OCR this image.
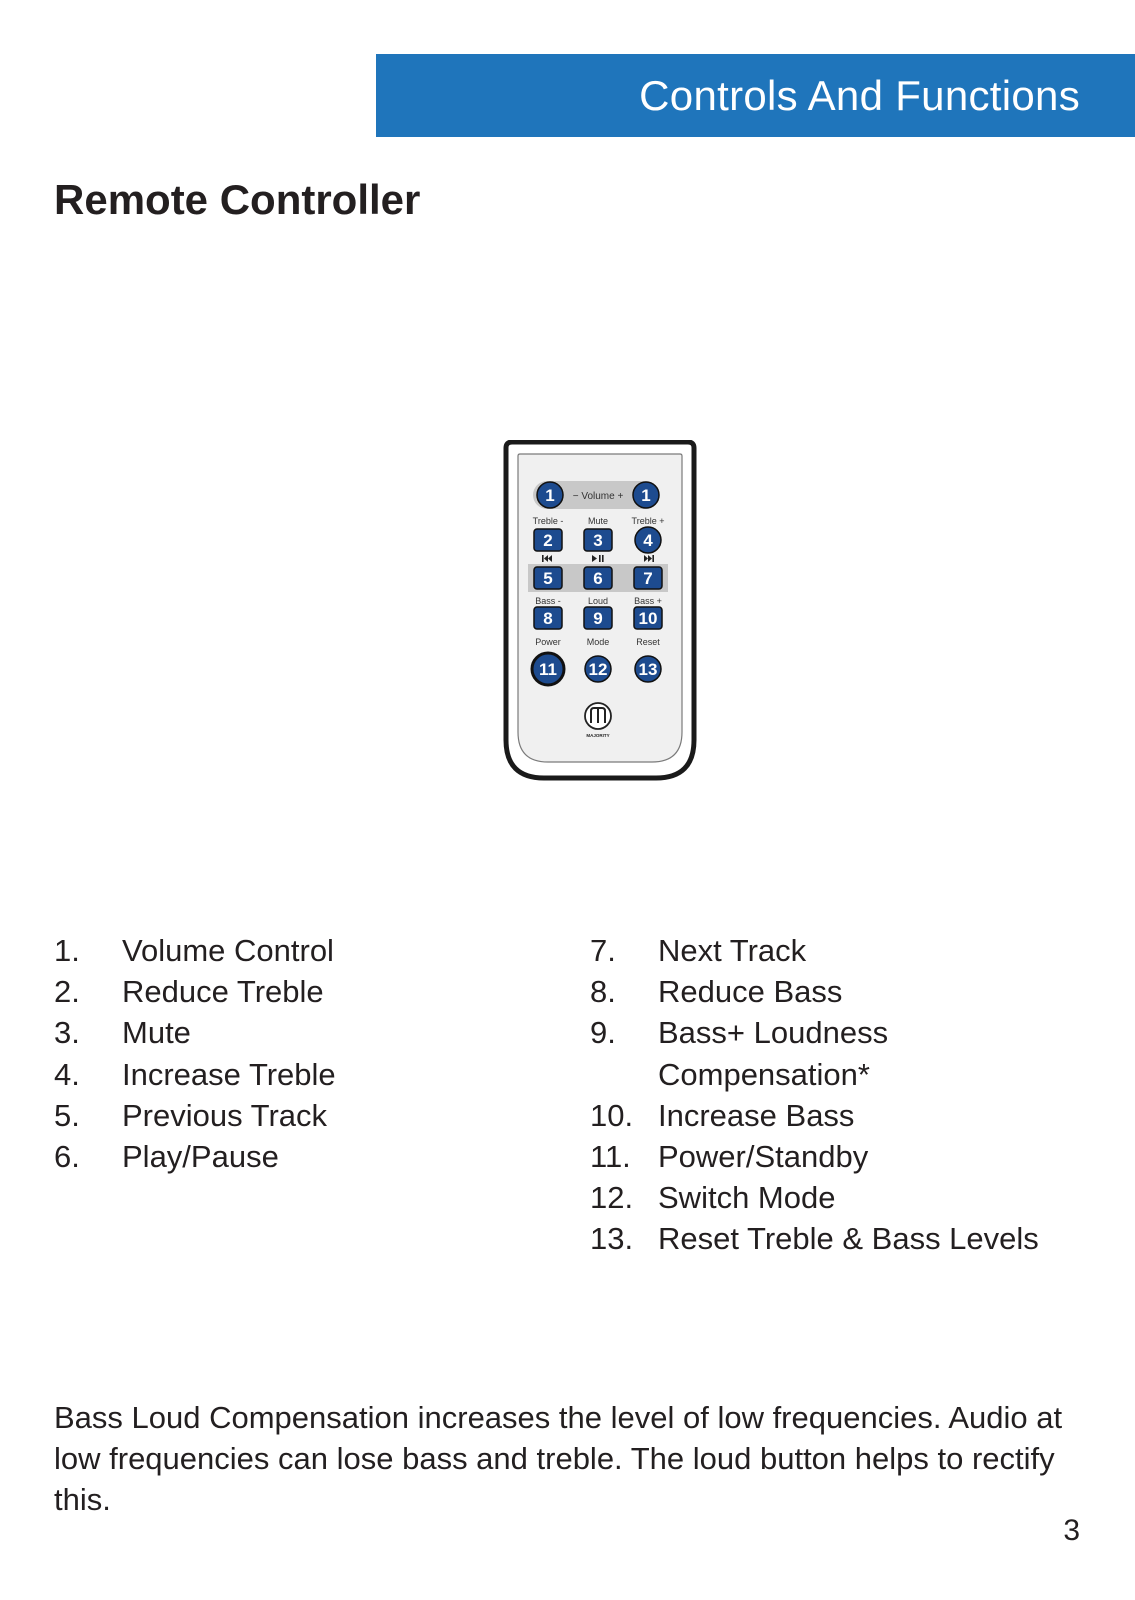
Controls And Functions
Remote Controller
1	1
− Volume +
Treble -	Mute	Treble +
2 3 4
5 6 7
Bass -	Loud	Bass +
8 9 10
Power	Mode	Reset
11 12 13
MAJORITY
1. Volume Control
2. Reduce Treble
3. Mute
4. Increase Treble
5. Previous Track
6. Play/Pause
7. Next Track
8. Reduce Bass
9. Bass+ Loudness
Compensation*
10. Increase Bass
11. Power/Standby
12. Switch Mode
13. Reset Treble & Bass Levels

Bass Loud Compensation increases the level of low frequencies. Audio at low frequencies can lose bass and treble. The loud button helps to rectify this.

3
